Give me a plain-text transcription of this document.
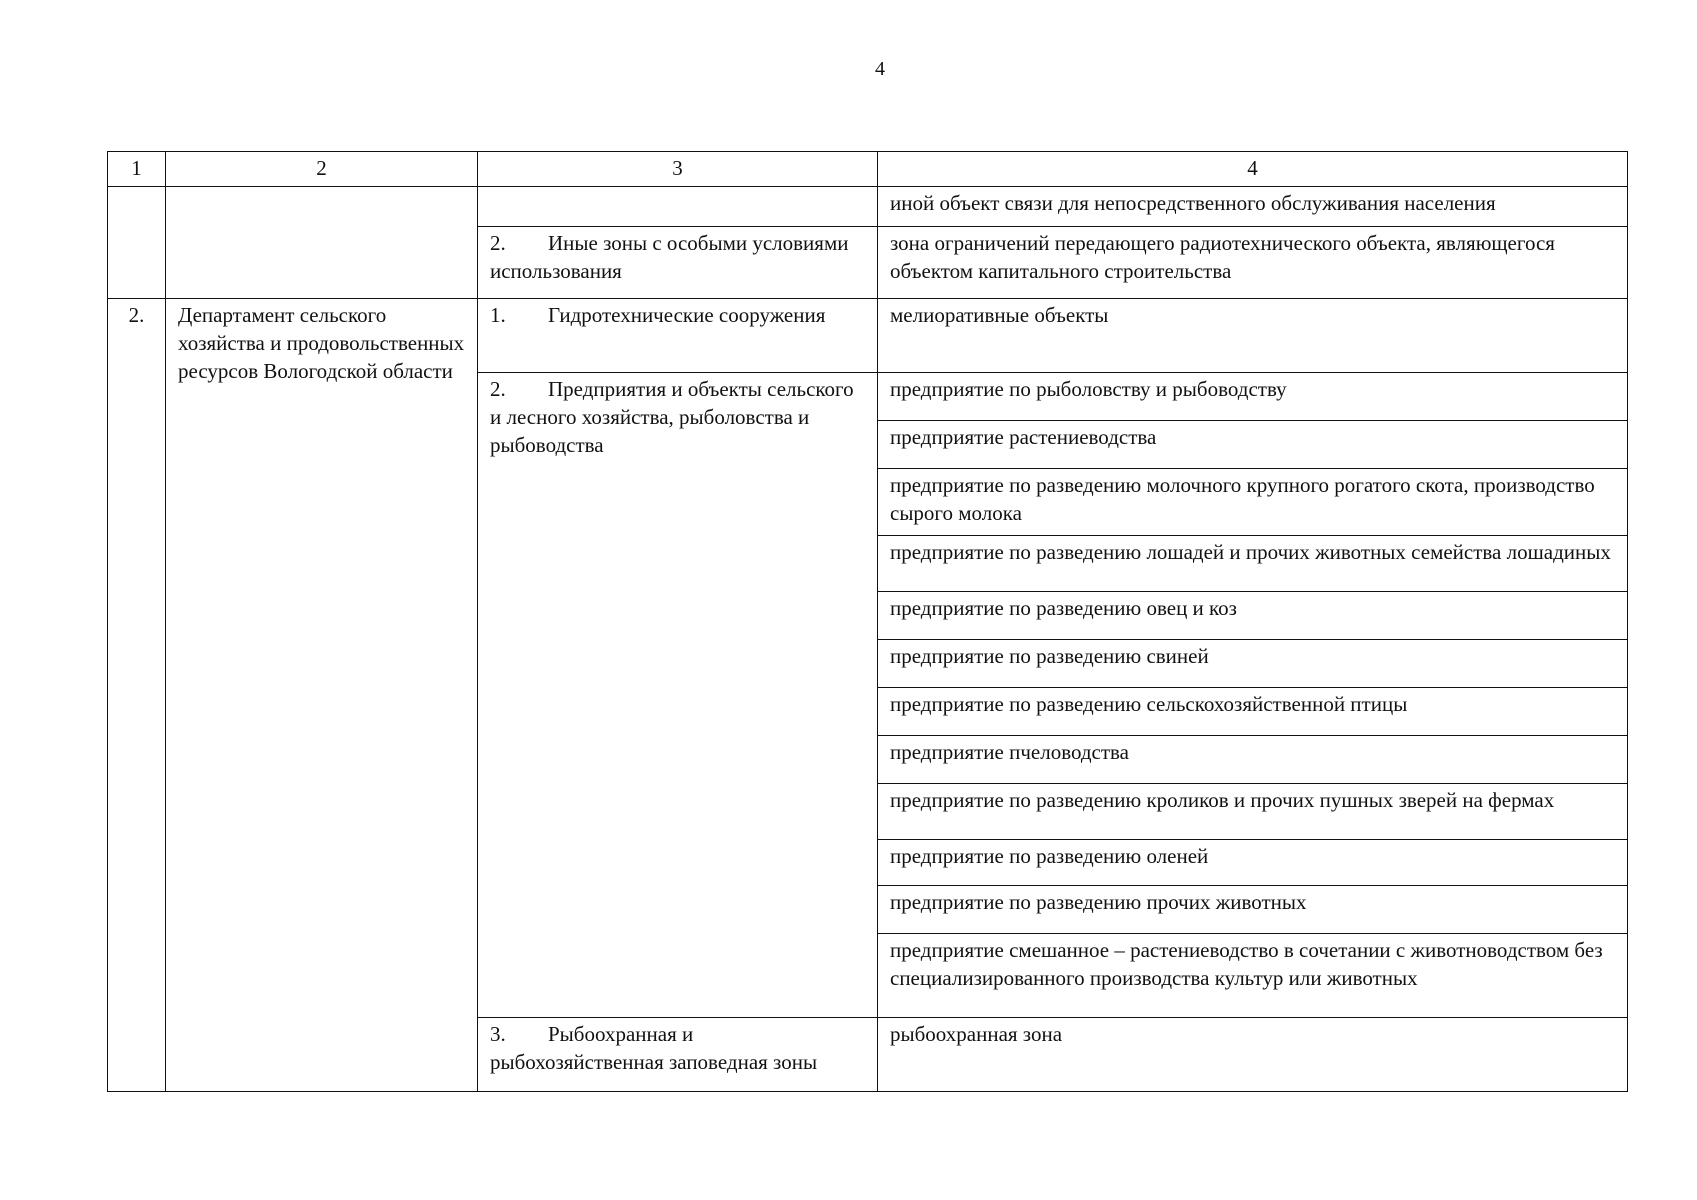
4
1	2	3	4
			иной объект связи для непосредственного обслуживания населения
		2. Иные зоны с особыми условиями использования	зона ограничений передающего радиотехнического объекта, являющегося объектом капитального строительства
2.	Департамент сельского хозяйства и продовольственных ресурсов Вологодской области	1. Гидротехнические сооружения	мелиоративные объекты
		2. Предприятия и объекты сельского и лесного хозяйства, рыболовства и рыбоводства	предприятие по рыболовству и рыбоводству
			предприятие растениеводства
			предприятие по разведению молочного крупного рогатого скота, производство сырого молока
			предприятие по разведению лошадей и прочих животных семейства лошадиных
			предприятие по разведению овец и коз
			предприятие по разведению свиней
			предприятие по разведению сельскохозяйственной птицы
			предприятие пчеловодства
			предприятие по разведению кроликов и прочих пушных зверей на фермах
			предприятие по разведению оленей
			предприятие по разведению прочих животных
			предприятие смешанное – растениеводство в сочетании с животноводством без специализированного производства культур или животных
		3. Рыбоохранная и рыбохозяйственная заповедная зоны	рыбоохранная зона
